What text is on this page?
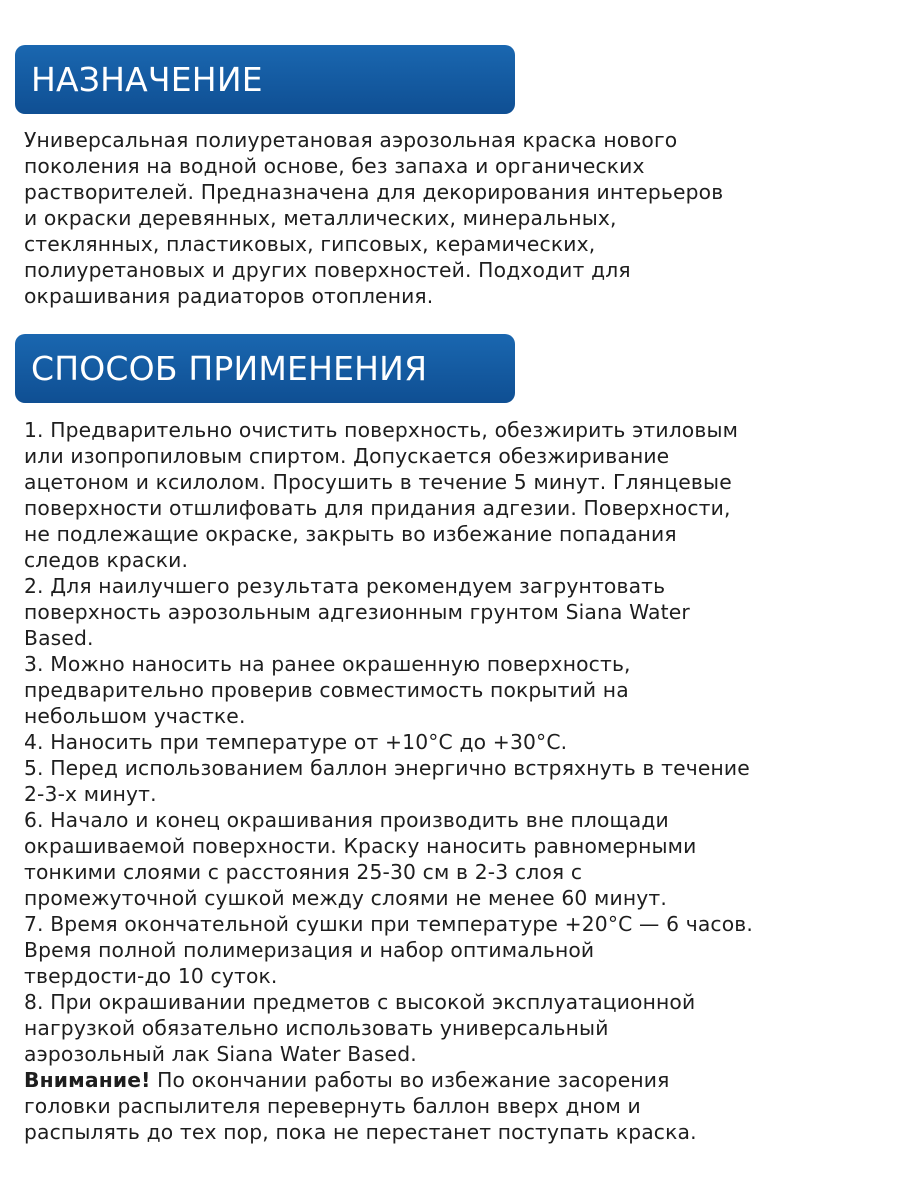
НАЗНАЧЕНИЕ
Универсальная полиуретановая аэрозольная краска нового
поколения на водной основе, без запаха и органических
растворителей. Предназначена для декорирования интерьеров
и окраски деревянных, металлических, минеральных,
стеклянных, пластиковых, гипсовых, керамических,
полиуретановых и других поверхностей. Подходит для
окрашивания радиаторов отопления.
СПОСОБ ПРИМЕНЕНИЯ
1. Предварительно очистить поверхность, обезжирить этиловым
или изопропиловым спиртом. Допускается обезжиривание
ацетоном и ксилолом. Просушить в течение 5 минут. Глянцевые
поверхности отшлифовать для придания адгезии. Поверхности,
не подлежащие окраске, закрыть во избежание попадания
следов краски.
2. Для наилучшего результата рекомендуем загрунтовать
поверхность аэрозольным адгезионным грунтом Siana Water
Based.
3. Можно наносить на ранее окрашенную поверхность,
предварительно проверив совместимость покрытий на
небольшом участке.
4. Наносить при температуре от +10°С до +30°С.
5. Перед использованием баллон энергично встряхнуть в течение
2-3-х минут.
6. Начало и конец окрашивания производить вне площади
окрашиваемой поверхности. Краску наносить равномерными
тонкими слоями с расстояния 25-30 см в 2-3 слоя с
промежуточной сушкой между слоями не менее 60 минут.
7. Время окончательной сушки при температуре +20°С — 6 часов.
Время полной полимеризация и набор оптимальной
твердости-до 10 суток.
8. При окрашивании предметов с высокой эксплуатационной
нагрузкой обязательно использовать универсальный
аэрозольный лак Siana Water Based.
Внимание! По окончании работы во избежание засорения
головки распылителя перевернуть баллон вверх дном и
распылять до тех пор, пока не перестанет поступать краска.
